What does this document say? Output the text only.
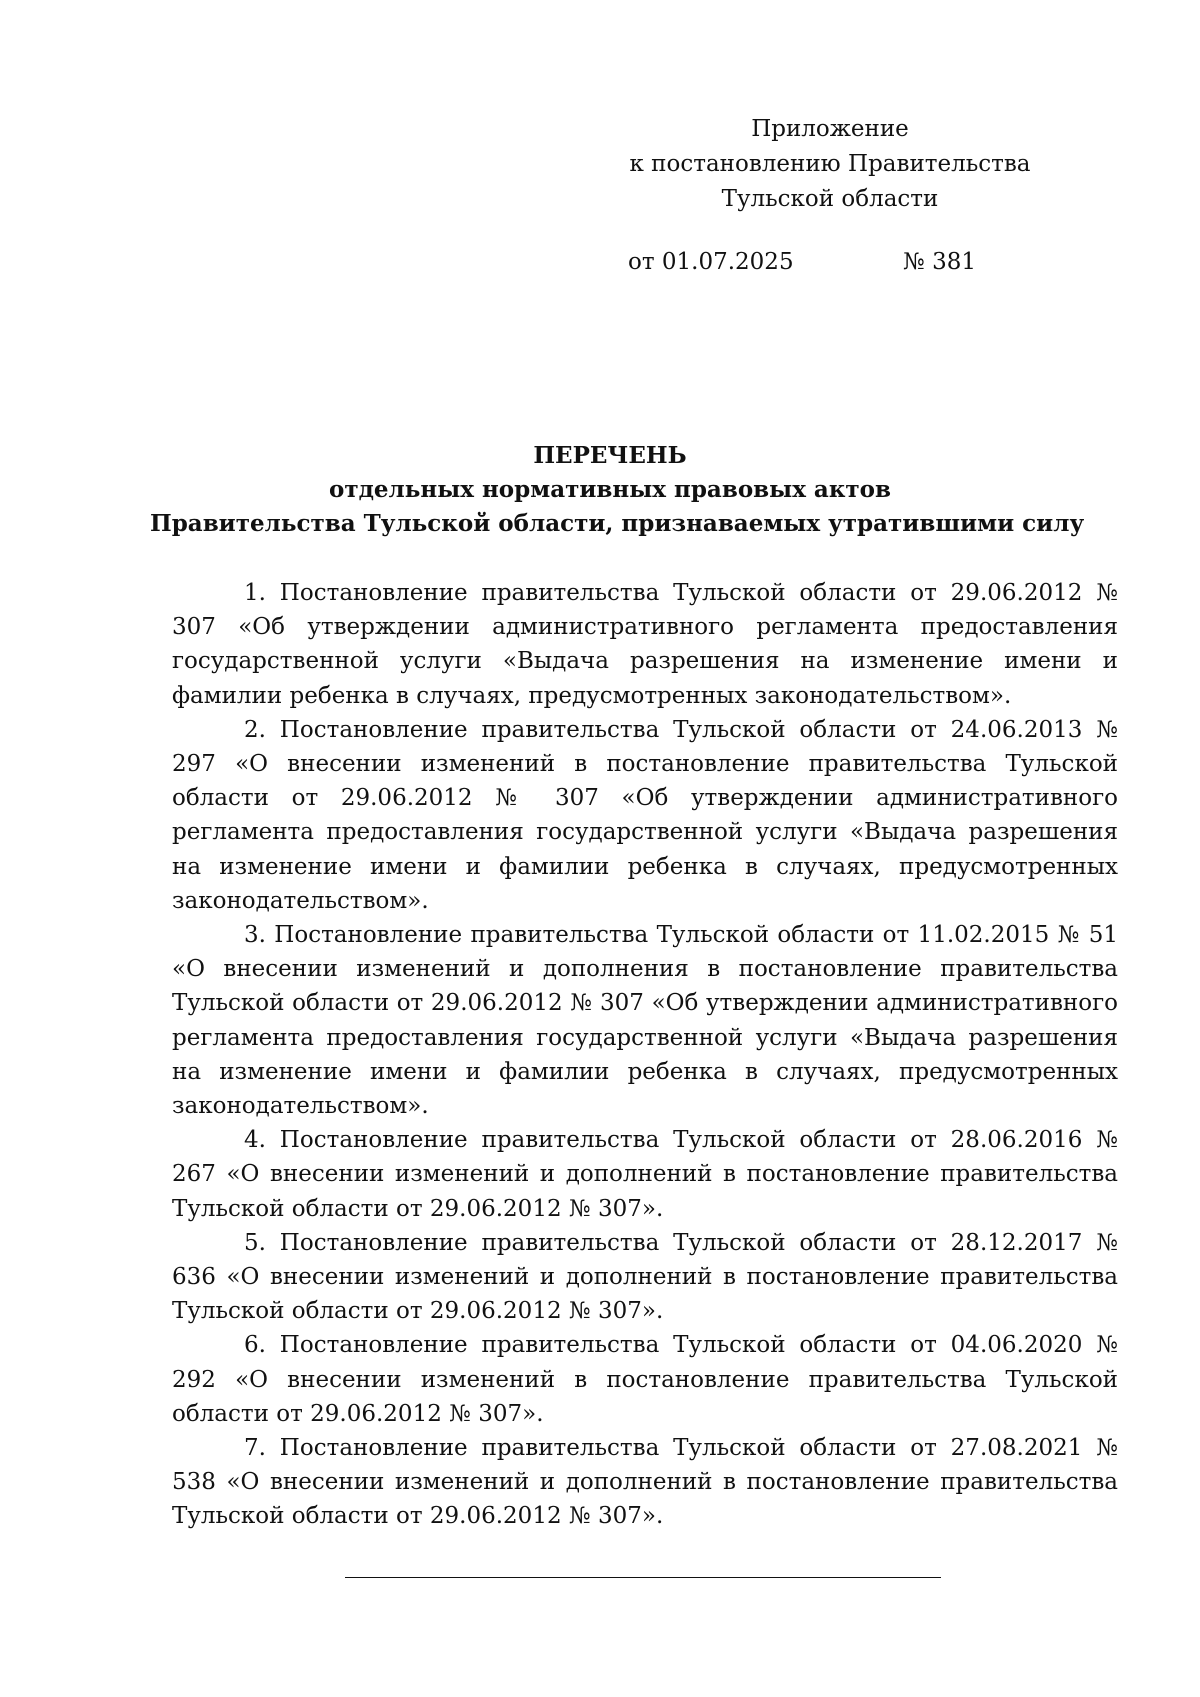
Приложение
к постановлению Правительства
Тульской области
от 01.07.2025	№ 381
ПЕРЕЧЕНЬ
отдельных нормативных правовых актов
Правительства Тульской области, признаваемых утратившими силу

1. Постановление правительства Тульской области от 29.06.2012 № 307 «Об утверждении административного регламента предоставления государственной услуги «Выдача разрешения на изменение имени и фамилии ребенка в случаях, предусмотренных законодательством».

2. Постановление правительства Тульской области от 24.06.2013 № 297 «О внесении изменений в постановление правительства Тульской области от 29.06.2012 № 307 «Об утверждении административного регламента предоставления государственной услуги «Выдача разрешения на изменение имени и фамилии ребенка в случаях, предусмотренных законодательством».

3. Постановление правительства Тульской области от 11.02.2015 № 51 «О внесении изменений и дополнения в постановление правительства Тульской области от 29.06.2012 № 307 «Об утверждении административного регламента предоставления государственной услуги «Выдача разрешения на изменение имени и фамилии ребенка в случаях, предусмотренных законодательством».

4. Постановление правительства Тульской области от 28.06.2016 № 267 «О внесении изменений и дополнений в постановление правительства Тульской области от 29.06.2012 № 307».

5. Постановление правительства Тульской области от 28.12.2017 № 636 «О внесении изменений и дополнений в постановление правительства Тульской области от 29.06.2012 № 307».

6. Постановление правительства Тульской области от 04.06.2020 № 292 «О внесении изменений в постановление правительства Тульской области от 29.06.2012 № 307».

7. Постановление правительства Тульской области от 27.08.2021 № 538 «О внесении изменений и дополнений в постановление правительства Тульской области от 29.06.2012 № 307».
